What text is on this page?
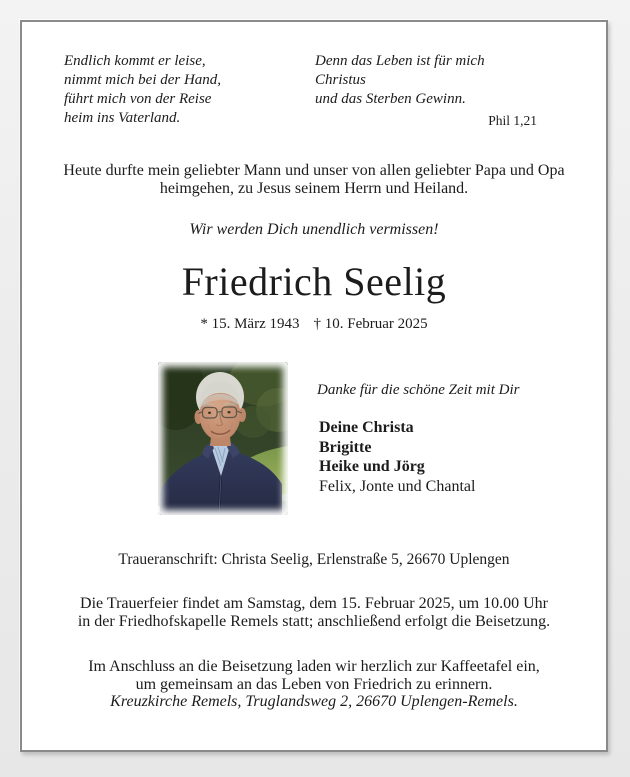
Endlich kommt er leise,
nimmt mich bei der Hand,
führt mich von der Reise
heim ins Vaterland.
Denn das Leben ist für mich Christus
und das Sterben Gewinn.
Phil 1,21
Heute durfte mein geliebter Mann und unser von allen geliebter Papa und Opa
heimgehen, zu Jesus seinem Herrn und Heiland.
Wir werden Dich unendlich vermissen!
Friedrich Seelig
* 15. März 1943 † 10. Februar 2025
Danke für die schöne Zeit mit Dir
Deine Christa
Brigitte
Heike und Jörg
Felix, Jonte und Chantal
Traueranschrift: Christa Seelig, Erlenstraße 5, 26670 Uplengen
Die Trauerfeier findet am Samstag, dem 15. Februar 2025, um 10.00 Uhr
in der Friedhofskapelle Remels statt; anschließend erfolgt die Beisetzung.
Im Anschluss an die Beisetzung laden wir herzlich zur Kaffeetafel ein,
um gemeinsam an das Leben von Friedrich zu erinnern.
Kreuzkirche Remels, Truglandsweg 2, 26670 Uplengen-Remels.
